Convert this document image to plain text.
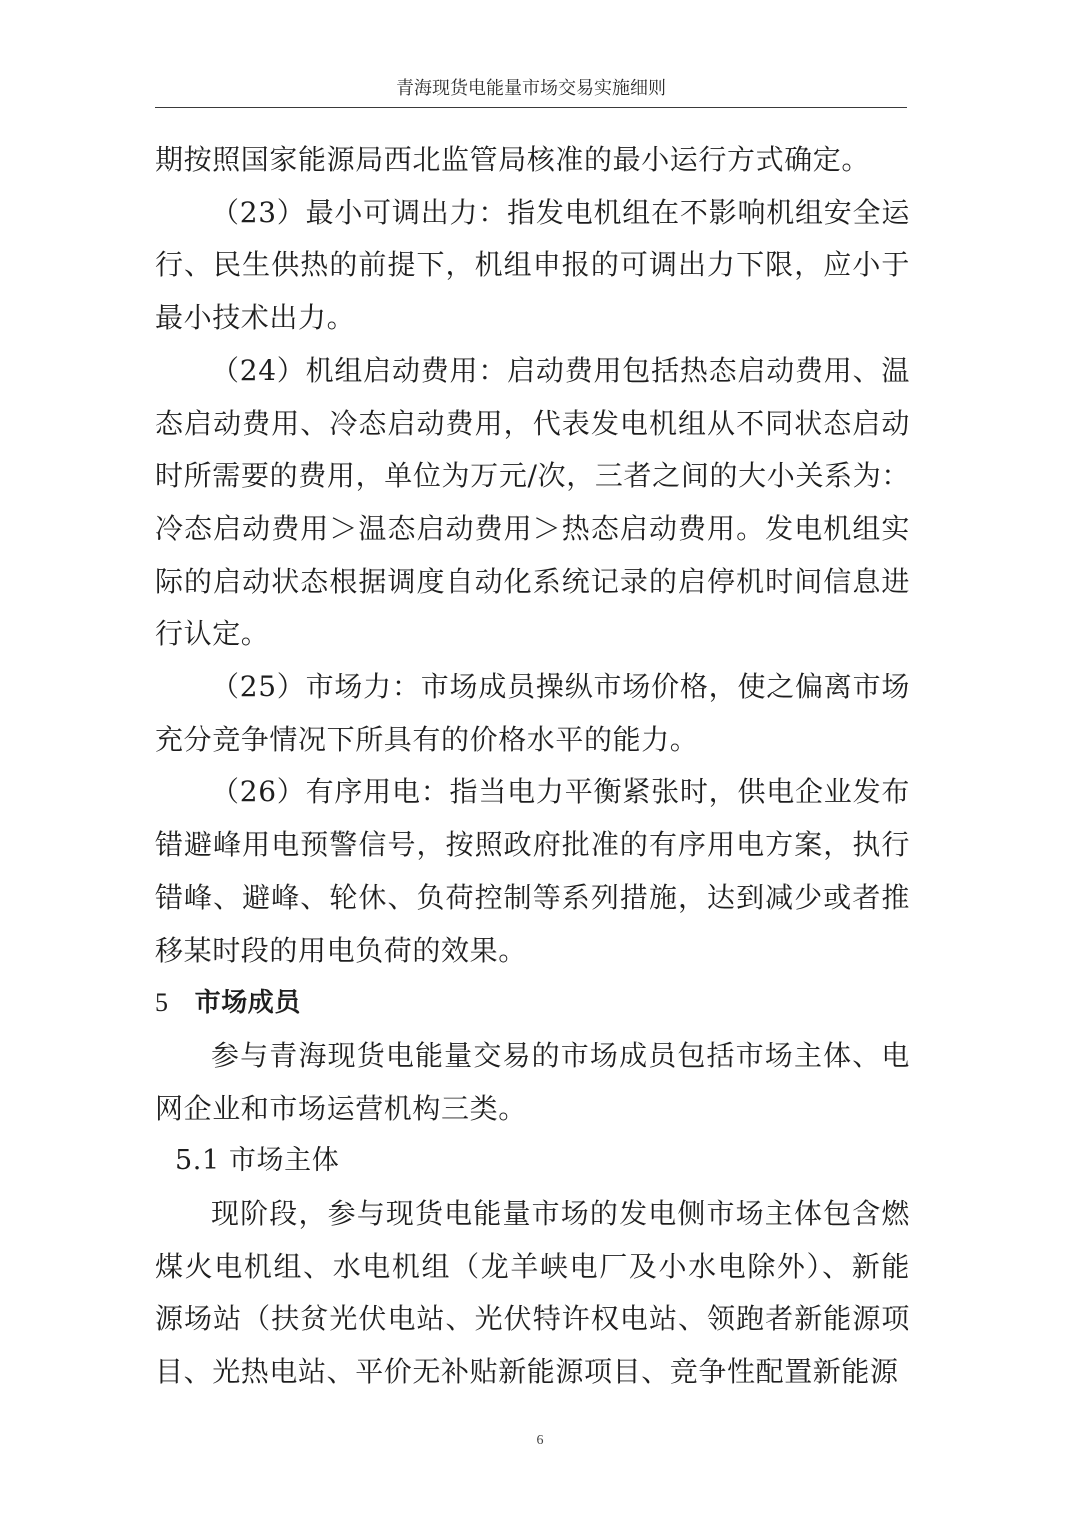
青海现货电能量市场交易实施细则

期按照国家能源局西北监管局核准的最小运行方式确定。

（23）最小可调出力：指发电机组在不影响机组安全运行、民生供热的前提下，机组申报的可调出力下限，应小于最小技术出力。

（24）机组启动费用：启动费用包括热态启动费用、温态启动费用、冷态启动费用，代表发电机组从不同状态启动时所需要的费用，单位为万元/次，三者之间的大小关系为：冷态启动费用＞温态启动费用＞热态启动费用。发电机组实际的启动状态根据调度自动化系统记录的启停机时间信息进行认定。

（25）市场力：市场成员操纵市场价格，使之偏离市场充分竞争情况下所具有的价格水平的能力。

（26）有序用电：指当电力平衡紧张时，供电企业发布错避峰用电预警信号，按照政府批准的有序用电方案，执行错峰、避峰、轮休、负荷控制等系列措施，达到减少或者推移某时段的用电负荷的效果。

5 市场成员

参与青海现货电能量交易的市场成员包括市场主体、电网企业和市场运营机构三类。

5.1 市场主体

现阶段，参与现货电能量市场的发电侧市场主体包含燃煤火电机组、水电机组（龙羊峡电厂及小水电除外）、新能源场站（扶贫光伏电站、光伏特许权电站、领跑者新能源项目、光热电站、平价无补贴新能源项目、竞争性配置新能源

6
